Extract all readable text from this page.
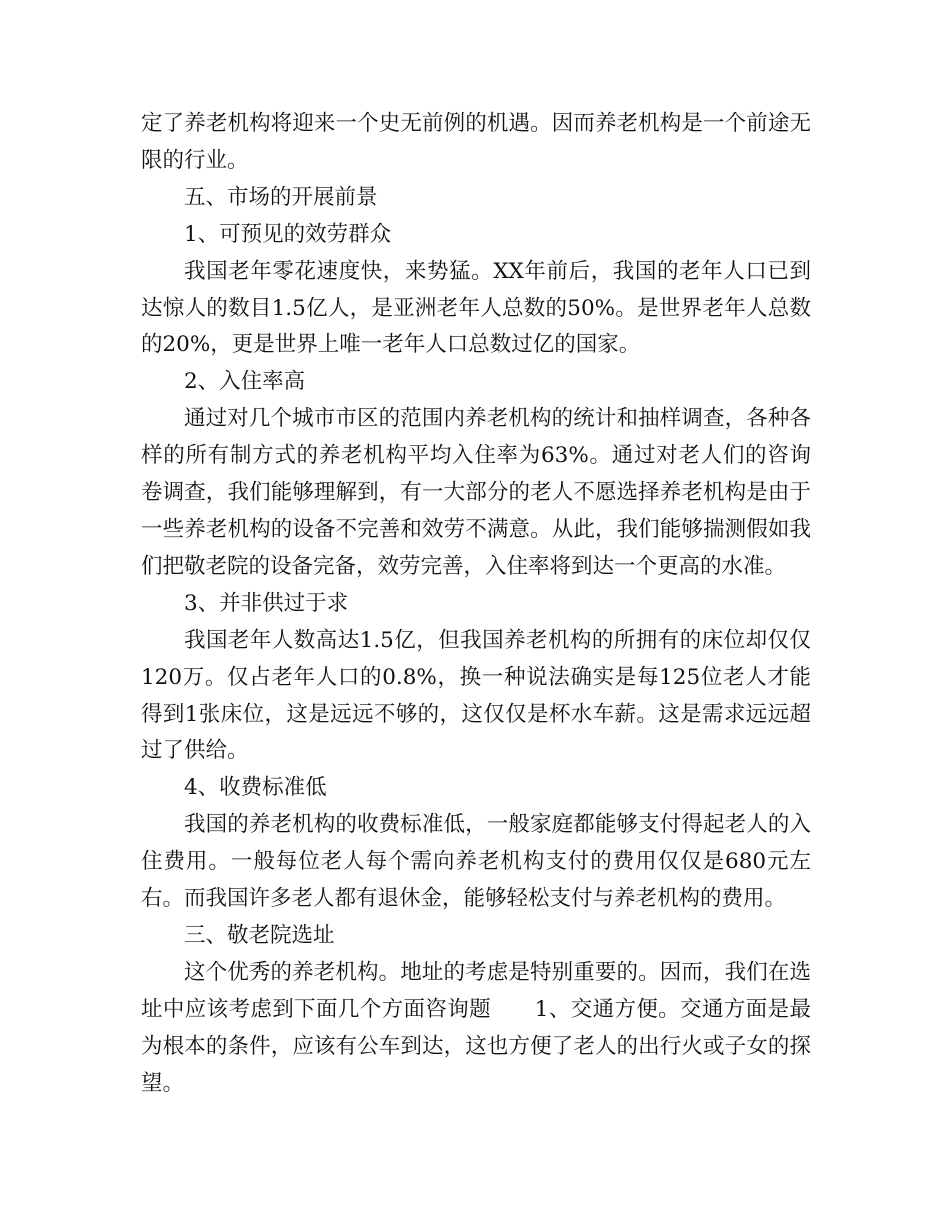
定了养老机构将迎来一个史无前例的机遇。因而养老机构是一个前途无限的行业。

五、市场的开展前景

1、可预见的效劳群众

我国老年零花速度快，来势猛。XX年前后，我国的老年人口已到达惊人的数目1.5亿人，是亚洲老年人总数的50%。是世界老年人总数的20%，更是世界上唯一老年人口总数过亿的国家。

2、入住率高

通过对几个城市市区的范围内养老机构的统计和抽样调查，各种各样的所有制方式的养老机构平均入住率为63%。通过对老人们的咨询卷调查，我们能够理解到，有一大部分的老人不愿选择养老机构是由于一些养老机构的设备不完善和效劳不满意。从此，我们能够揣测假如我们把敬老院的设备完备，效劳完善，入住率将到达一个更高的水准。

3、并非供过于求

我国老年人数高达1.5亿，但我国养老机构的所拥有的床位却仅仅120万。仅占老年人口的0.8%，换一种说法确实是每125位老人才能得到1张床位，这是远远不够的，这仅仅是杯水车薪。这是需求远远超过了供给。

4、收费标准低

我国的养老机构的收费标准低，一般家庭都能够支付得起老人的入住费用。一般每位老人每个需向养老机构支付的费用仅仅是680元左右。而我国许多老人都有退休金，能够轻松支付与养老机构的费用。

三、敬老院选址

这个优秀的养老机构。地址的考虑是特别重要的。因而，我们在选址中应该考虑到下面几个方面咨询题　　1、交通方便。交通方面是最为根本的条件，应该有公车到达，这也方便了老人的出行火或子女的探望。
